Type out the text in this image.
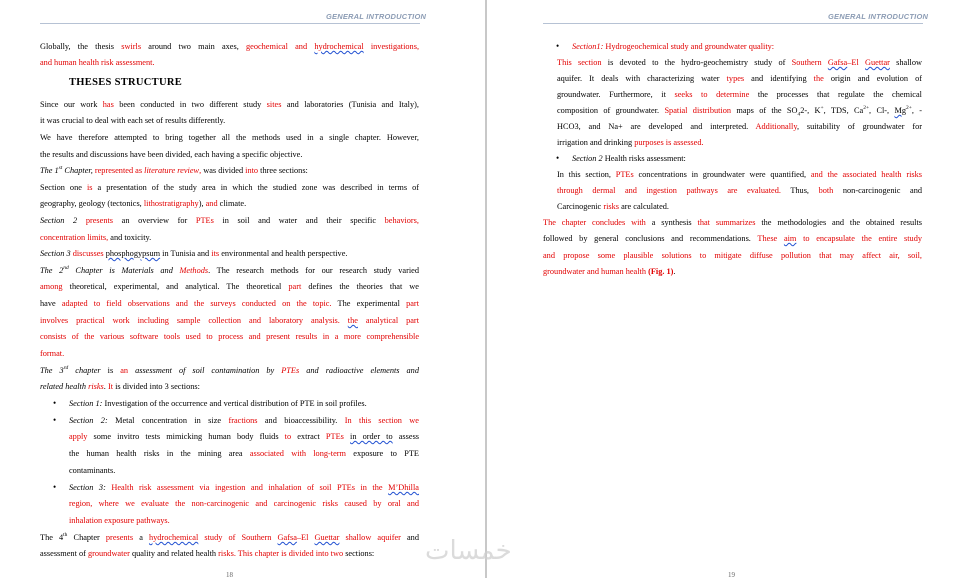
GENERAL INTRODUCTION
Globally, the thesis swirls around two main axes, geochemical and hydrochemical investigations,
and human health risk assessment.
THESES STRUCTURE
Since our work has been conducted in two different study sites and laboratories (Tunisia and Italy),
it was crucial to deal with each set of results differently.
We have therefore attempted to bring together all the methods used in a single chapter. However,
the results and discussions have been divided, each having a specific objective.
The 1st Chapter, represented as literature review, was divided into three sections:
Section one is a presentation of the study area in which the studied zone was described in terms of
geography, geology (tectonics, lithostratigraphy), and climate.
Section 2 presents an overview for PTEs in soil and water and their specific behaviors,
concentration limits, and toxicity.
Section 3 discusses phosphogypsum in Tunisia and its environmental and health perspective.
The 2nd Chapter is Materials and Methods. The research methods for our research study varied
among theoretical, experimental, and analytical. The theoretical part defines the theories that we
have adapted to field observations and the surveys conducted on the topic. The experimental part
involves practical work including sample collection and laboratory analysis. the analytical part
consists of the various software tools used to process and present results in a more comprehensible
format.
The 3rd chapter is an assessment of soil contamination by PTEs and radioactive elements and
related health risks. It is divided into 3 sections:
• Section 1: Investigation of the occurrence and vertical distribution of PTE in soil profiles.
• Section 2: Metal concentration in size fractions and bioaccessibility. In this section we
apply some invitro tests mimicking human body fluids to extract PTEs in order to assess
the human health risks in the mining area associated with long-term exposure to PTE
contaminants.
• Section 3: Health risk assessment via ingestion and inhalation of soil PTEs in the M’Dhilla
region, where we evaluate the non-carcinogenic and carcinogenic risks caused by oral and
inhalation exposure pathways.
The 4th Chapter presents a hydrochemical study of Southern Gafsa–El Guettar shallow aquifer and
assessment of groundwater quality and related health risks. This chapter is divided into two sections:
18
GENERAL INTRODUCTION
• Section1: Hydrogeochemical study and groundwater quality:
This section is devoted to the hydro-geochemistry study of Southern Gafsa–El Guettar shallow
aquifer. It deals with characterizing water types and identifying the origin and evolution of
groundwater. Furthermore, it seeks to determine the processes that regulate the chemical
composition of groundwater. Spatial distribution maps of the $SO_42-$, K+, TDS, $Ca^{2+}$, Cl-, $Mg^{2+}$, -
HCO3, and Na+ are developed and interpreted. Additionally, suitability of groundwater for
irrigation and drinking purposes is assessed.
• Section 2 Health risks assessment:
In this section, PTEs concentrations in groundwater were quantified, and the associated health risks
through dermal and ingestion pathways are evaluated. Thus, both non-carcinogenic and
Carcinogenic risks are calculated.
The chapter concludes with a synthesis that summarizes the methodologies and the obtained results
followed by general conclusions and recommendations. These aim to encapsulate the entire study
and propose some plausible solutions to mitigate diffuse pollution that may affect air, soil,
groundwater and human health (Fig. 1).
19
خمسات
